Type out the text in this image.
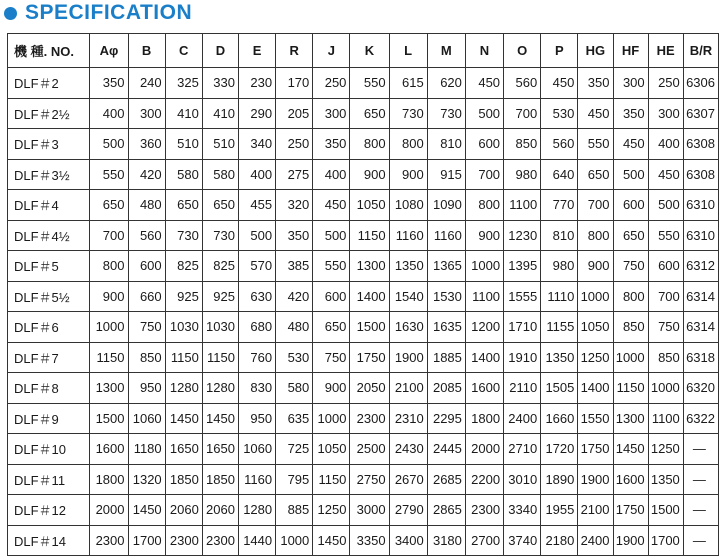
SPECIFICATION
機 種. NO.	Aφ	B	C	D	E	R	J	K	L	M	N	O	P	HG	HF	HE	B/R
DLF＃2	350	240	325	330	230	170	250	550	615	620	450	560	450	350	300	250	6306
DLF＃2½	400	300	410	410	290	205	300	650	730	730	500	700	530	450	350	300	6307
DLF＃3	500	360	510	510	340	250	350	800	800	810	600	850	560	550	450	400	6308
DLF＃3½	550	420	580	580	400	275	400	900	900	915	700	980	640	650	500	450	6308
DLF＃4	650	480	650	650	455	320	450	1050	1080	1090	800	1100	770	700	600	500	6310
DLF＃4½	700	560	730	730	500	350	500	1150	1160	1160	900	1230	810	800	650	550	6310
DLF＃5	800	600	825	825	570	385	550	1300	1350	1365	1000	1395	980	900	750	600	6312
DLF＃5½	900	660	925	925	630	420	600	1400	1540	1530	1100	1555	1110	1000	800	700	6314
DLF＃6	1000	750	1030	1030	680	480	650	1500	1630	1635	1200	1710	1155	1050	850	750	6314
DLF＃7	1150	850	1150	1150	760	530	750	1750	1900	1885	1400	1910	1350	1250	1000	850	6318
DLF＃8	1300	950	1280	1280	830	580	900	2050	2100	2085	1600	2110	1505	1400	1150	1000	6320
DLF＃9	1500	1060	1450	1450	950	635	1000	2300	2310	2295	1800	2400	1660	1550	1300	1100	6322
DLF＃10	1600	1180	1650	1650	1060	725	1050	2500	2430	2445	2000	2710	1720	1750	1450	1250	—
DLF＃11	1800	1320	1850	1850	1160	795	1150	2750	2670	2685	2200	3010	1890	1900	1600	1350	—
DLF＃12	2000	1450	2060	2060	1280	885	1250	3000	2790	2865	2300	3340	1955	2100	1750	1500	—
DLF＃14	2300	1700	2300	2300	1440	1000	1450	3350	3400	3180	2700	3740	2180	2400	1900	1700	—
